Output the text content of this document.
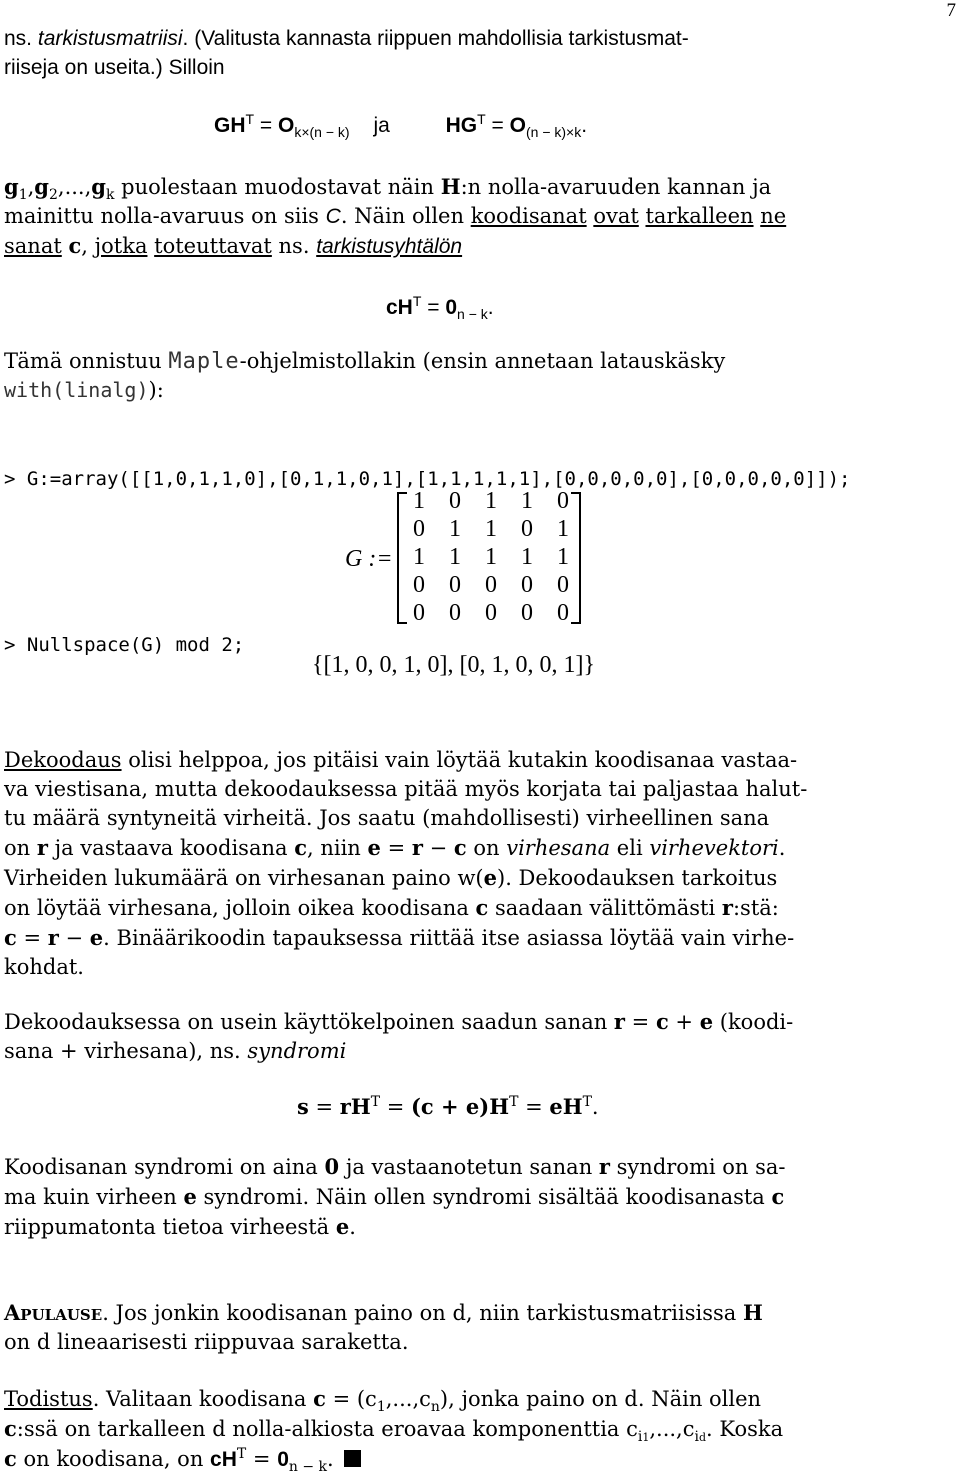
7
ns. tarkistusmatriisi. (Valitusta kannasta riippuen mahdollisia tarkistusmat-
riiseja on useita.) Silloin
$GH^T = O_{k\times(n - k)}$ ja	$HG^T = O_{(n - k)\times k}$.
$g_1,g_2,...,g_k$ puolestaan muodostavat näin H:n nolla-avaruuden kannan ja
mainittu nolla-avaruus on siis C. Näin ollen koodisanat ovat tarkalleen ne
sanat c, jotka toteuttavat ns. tarkistusyhtälön
$cH^T = 0_{n - k}$.
Tämä onnistuu Maple-ohjelmistollakin (ensin annetaan latauskäsky
with(linalg)):
> G:=array([[1,0,1,1,0],[0,1,1,0,1],[1,1,1,1,1],[0,0,0,0,0],[0,0,0,0,0]]);
G :=
1 0 1 1 0
0 1 1 0 1
1 1 1 1 1
0 0 0 0 0
0 0 0 0 0
> Nullspace(G) mod 2;
{[1, 0, 0, 1, 0], [0, 1, 0, 0, 1]}
Dekoodaus olisi helppoa, jos pitäisi vain löytää kutakin koodisanaa vastaa-
va viestisana, mutta dekoodauksessa pitää myös korjata tai paljastaa halut-
tu määrä syntyneitä virheitä. Jos saatu (mahdollisesti) virheellinen sana
on r ja vastaava koodisana c, niin e = r − c on virhesana eli virhevektori.
Virheiden lukumäärä on virhesanan paino w(e). Dekoodauksen tarkoitus
on löytää virhesana, jolloin oikea koodisana c saadaan välittömästi r:stä:
c = r − e. Binäärikoodin tapauksessa riittää itse asiassa löytää vain virhe-
kohdat.
Dekoodauksessa on usein käyttökelpoinen saadun sanan r = c + e (koodi-
sana + virhesana), ns. syndromi
$s = rH^T = (c + e)H^T = eH^T$.
Koodisanan syndromi on aina 0 ja vastaanotetun sanan r syndromi on sa-
ma kuin virheen e syndromi. Näin ollen syndromi sisältää koodisanasta c
riippumatonta tietoa virheestä e.
Apulause. Jos jonkin koodisanan paino on d, niin tarkistusmatriisissa H
on d lineaarisesti riippuvaa saraketta.
Todistus. Valitaan koodisana $c = (c_1,...,c_n)$, jonka paino on d. Näin ollen
c:ssä on tarkalleen d nolla-alkiosta eroavaa komponenttia $c_{i1},...,c_{id}$. Koska
c on koodisana, on $cH^T = 0_{n - k}$.
